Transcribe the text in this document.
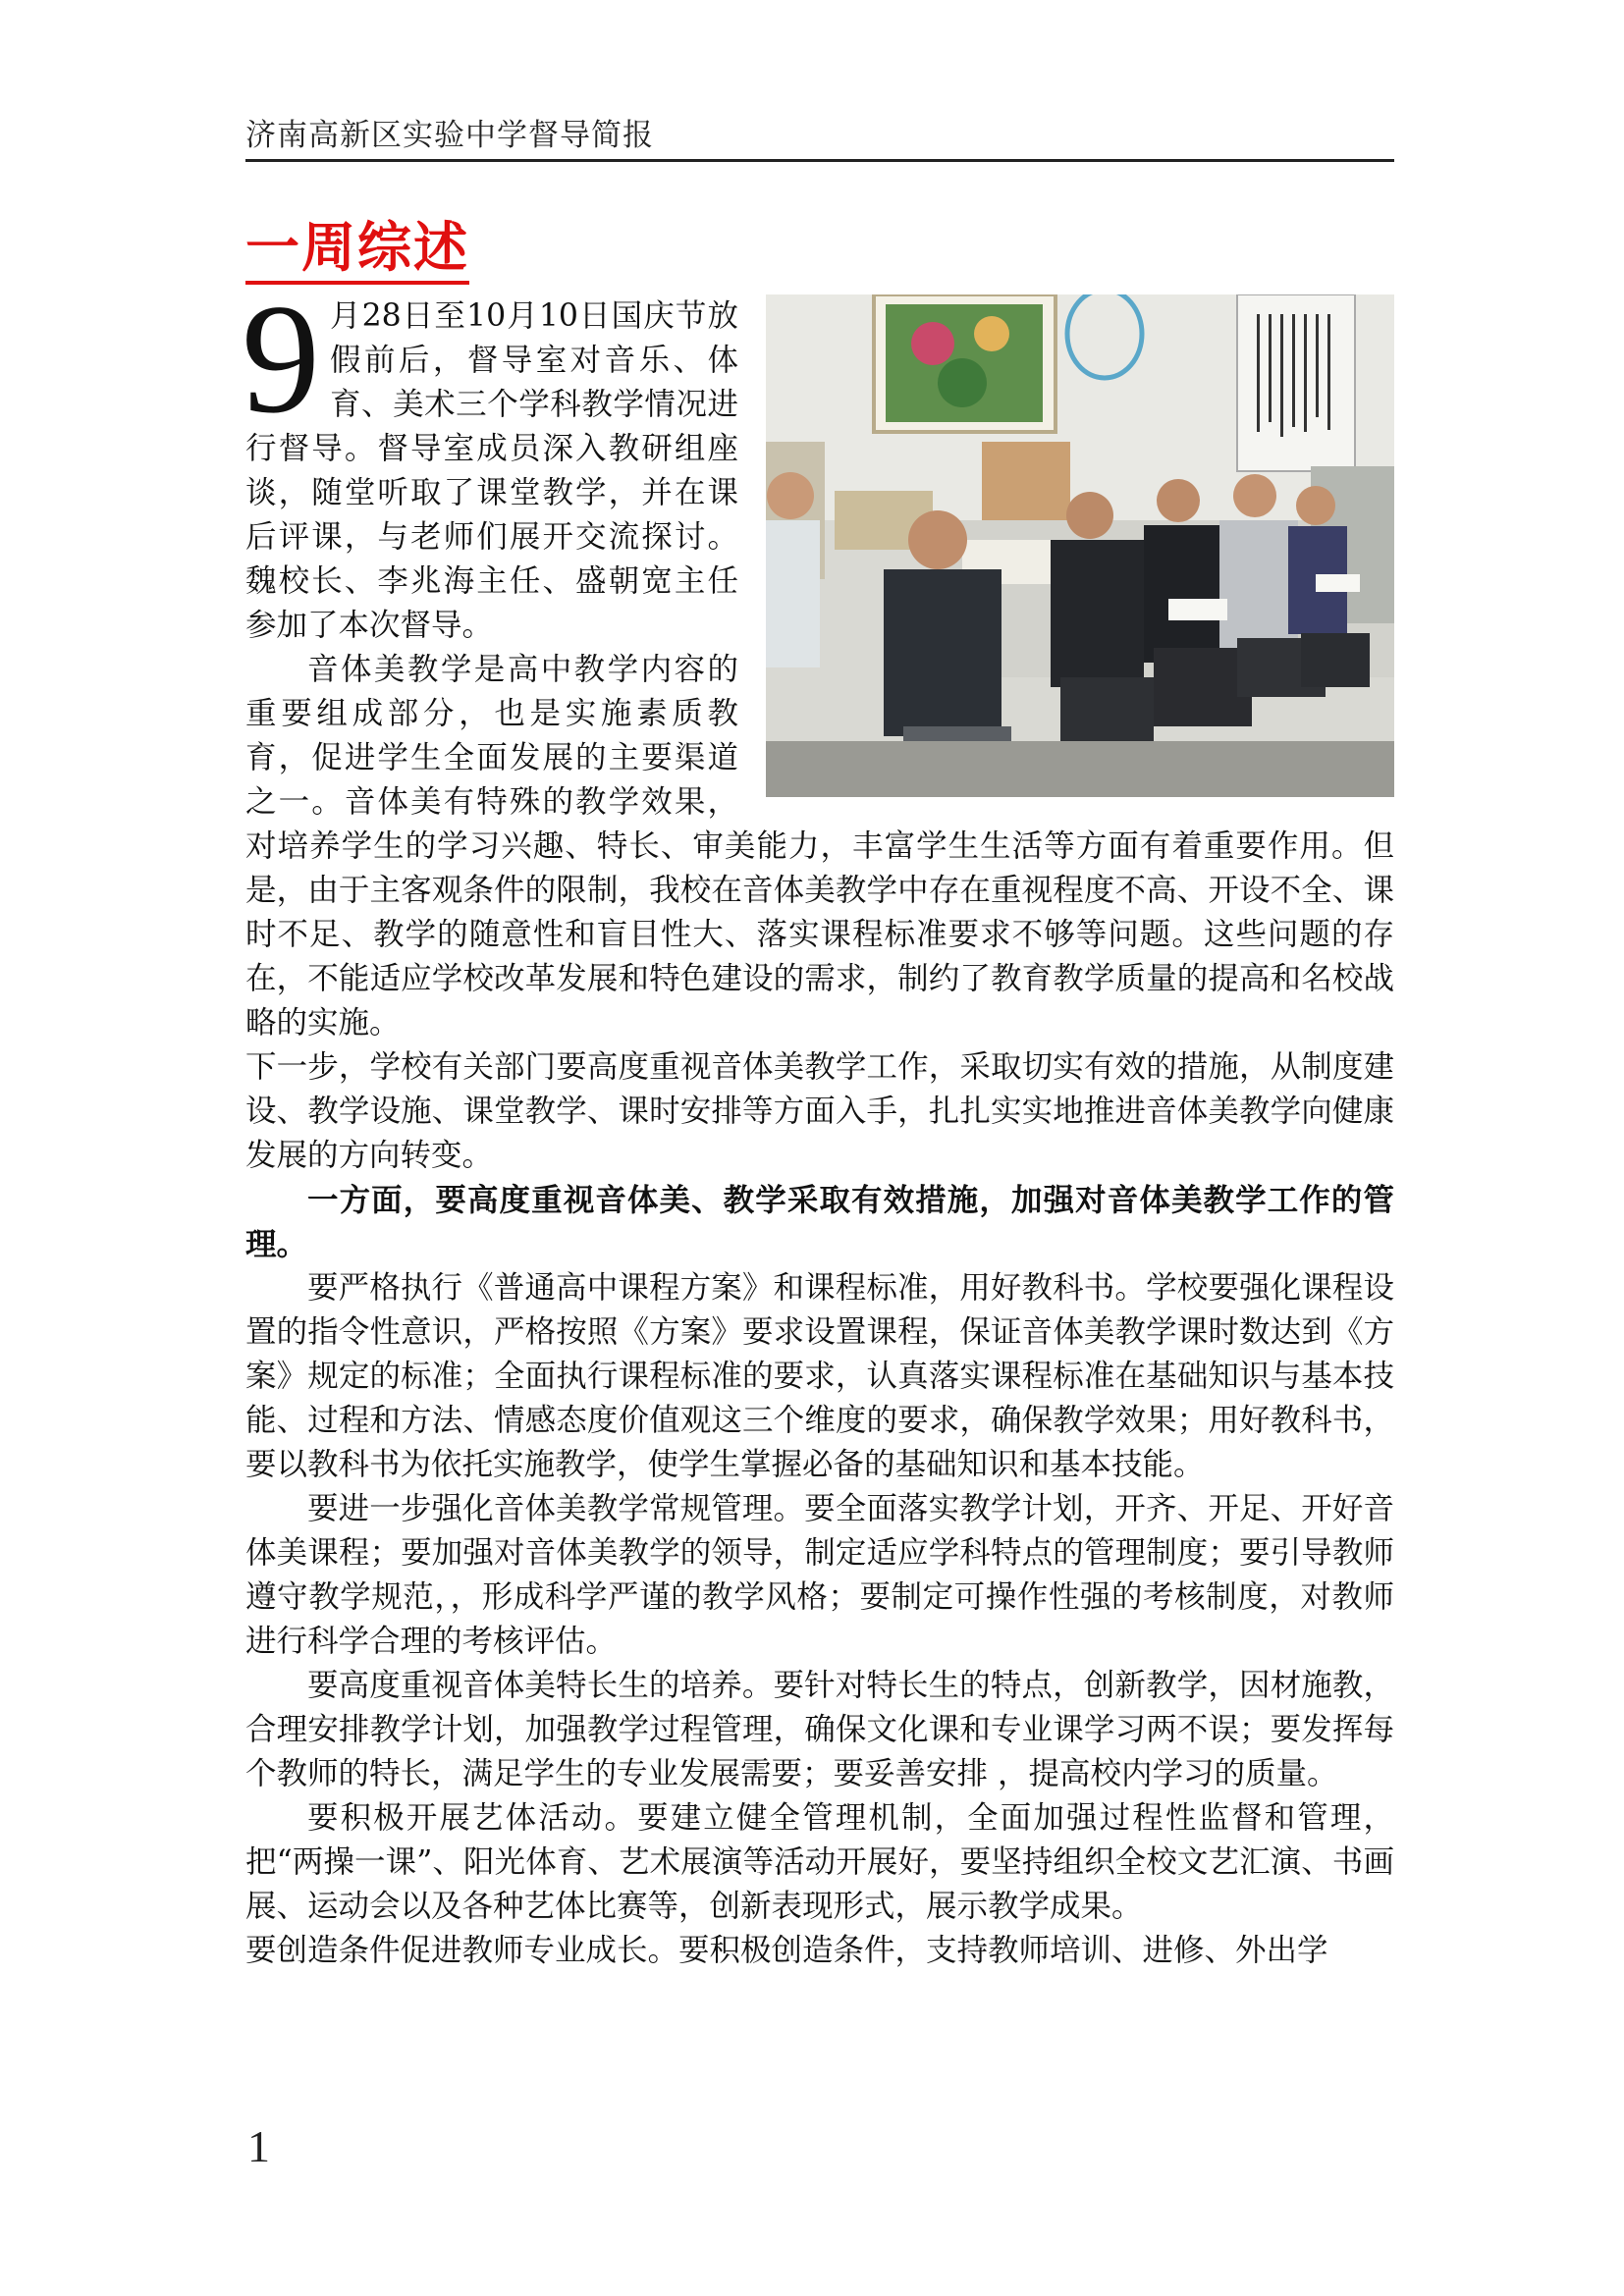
济南高新区实验中学督导简报
一周综述

9 月28日至10月10日国庆节放假前后，督导室对音乐、体育、美术三个学科教学情况进行督导。督导室成员深入教研组座谈，随堂听取了课堂教学，并在课后评课，与老师们展开交流探讨。魏校长、李兆海主任、盛朝宽主任参加了本次督导。

音体美教学是高中教学内容的重要组成部分，也是实施素质教育，促进学生全面发展的主要渠道之一。音体美有特殊的教学效果，对培养学生的学习兴趣、特长、审美能力，丰富学生生活等方面有着重要作用。但是，由于主客观条件的限制，我校在音体美教学中存在重视程度不高、开设不全、课时不足、教学的随意性和盲目性大、落实课程标准要求不够等问题。这些问题的存在，不能适应学校改革发展和特色建设的需求，制约了教育教学质量的提高和名校战略的实施。

下一步，学校有关部门要高度重视音体美教学工作，采取切实有效的措施，从制度建设、教学设施、课堂教学、课时安排等方面入手，扎扎实实地推进音体美教学向健康发展的方向转变。

一方面，要高度重视音体美、教学采取有效措施，加强对音体美教学工作的管理。

要严格执行《普通高中课程方案》和课程标准，用好教科书。学校要强化课程设置的指令性意识，严格按照《方案》要求设置课程，保证音体美教学课时数达到《方案》规定的标准；全面执行课程标准的要求，认真落实课程标准在基础知识与基本技能、过程和方法、情感态度价值观这三个维度的要求，确保教学效果；用好教科书，要以教科书为依托实施教学，使学生掌握必备的基础知识和基本技能。

要进一步强化音体美教学常规管理。要全面落实教学计划，开齐、开足、开好音体美课程；要加强对音体美教学的领导，制定适应学科特点的管理制度；要引导教师遵守教学规范，，形成科学严谨的教学风格；要制定可操作性强的考核制度，对教师进行科学合理的考核评估。

要高度重视音体美特长生的培养。要针对特长生的特点，创新教学，因材施教，合理安排教学计划，加强教学过程管理，确保文化课和专业课学习两不误；要发挥每个教师的特长，满足学生的专业发展需要；要妥善安排 ，提高校内学习的质量。

要积极开展艺体活动。要建立健全管理机制，全面加强过程性监督和管理，把“两操一课”、阳光体育、艺术展演等活动开展好，要坚持组织全校文艺汇演、书画展、运动会以及各种艺体比赛等，创新表现形式，展示教学成果。

要创造条件促进教师专业成长。要积极创造条件，支持教师培训、进修、外出学

1
